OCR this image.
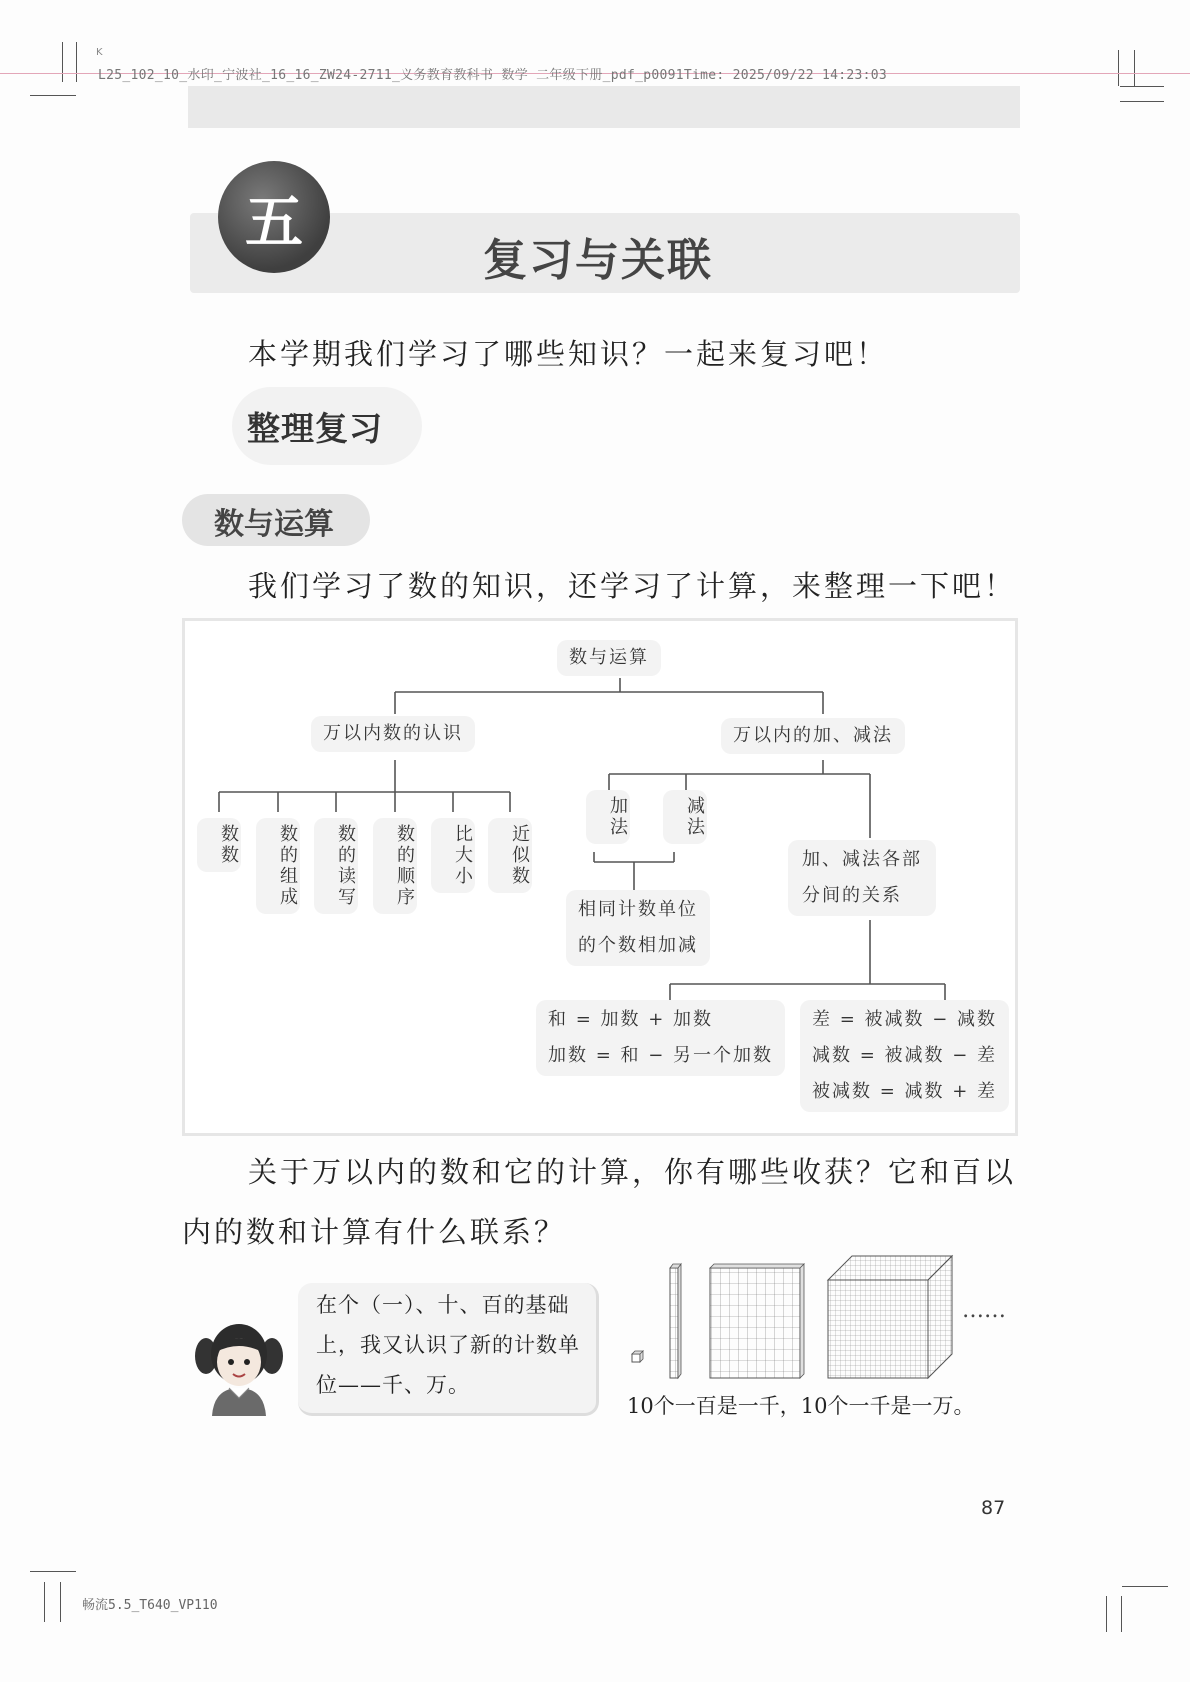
K
L25_102_10_水印_宁波社_16_16_ZW24-2711_义务教育教科书 数学 二年级下册_pdf_p0091Time: 2025/09/22 14:23:03
五
复习与关联
本学期我们学习了哪些知识？一起来复习吧！
整理复习
数与运算
我们学习了数的知识，还学习了计算，来整理一下吧！
数与运算
万以内数的认识	万以内的加、减法
数数	数的组成	数的读写	数的顺序	比大小	近似数
加法	减法
相同计数单位
的个数相加减
加、减法各部
分间的关系
和 = 加数 + 加数
加数 = 和 − 另一个加数
差 = 被减数 − 减数
减数 = 被减数 − 差
被减数 = 减数 + 差
关于万以内的数和它的计算，你有哪些收获？它和百以
内的数和计算有什么联系？
在个（一）、十、百的基础上，我又认识了新的计数单位——千、万。
……
10个一百是一千，10个一千是一万。
87
畅流5.5_T640_VP110
